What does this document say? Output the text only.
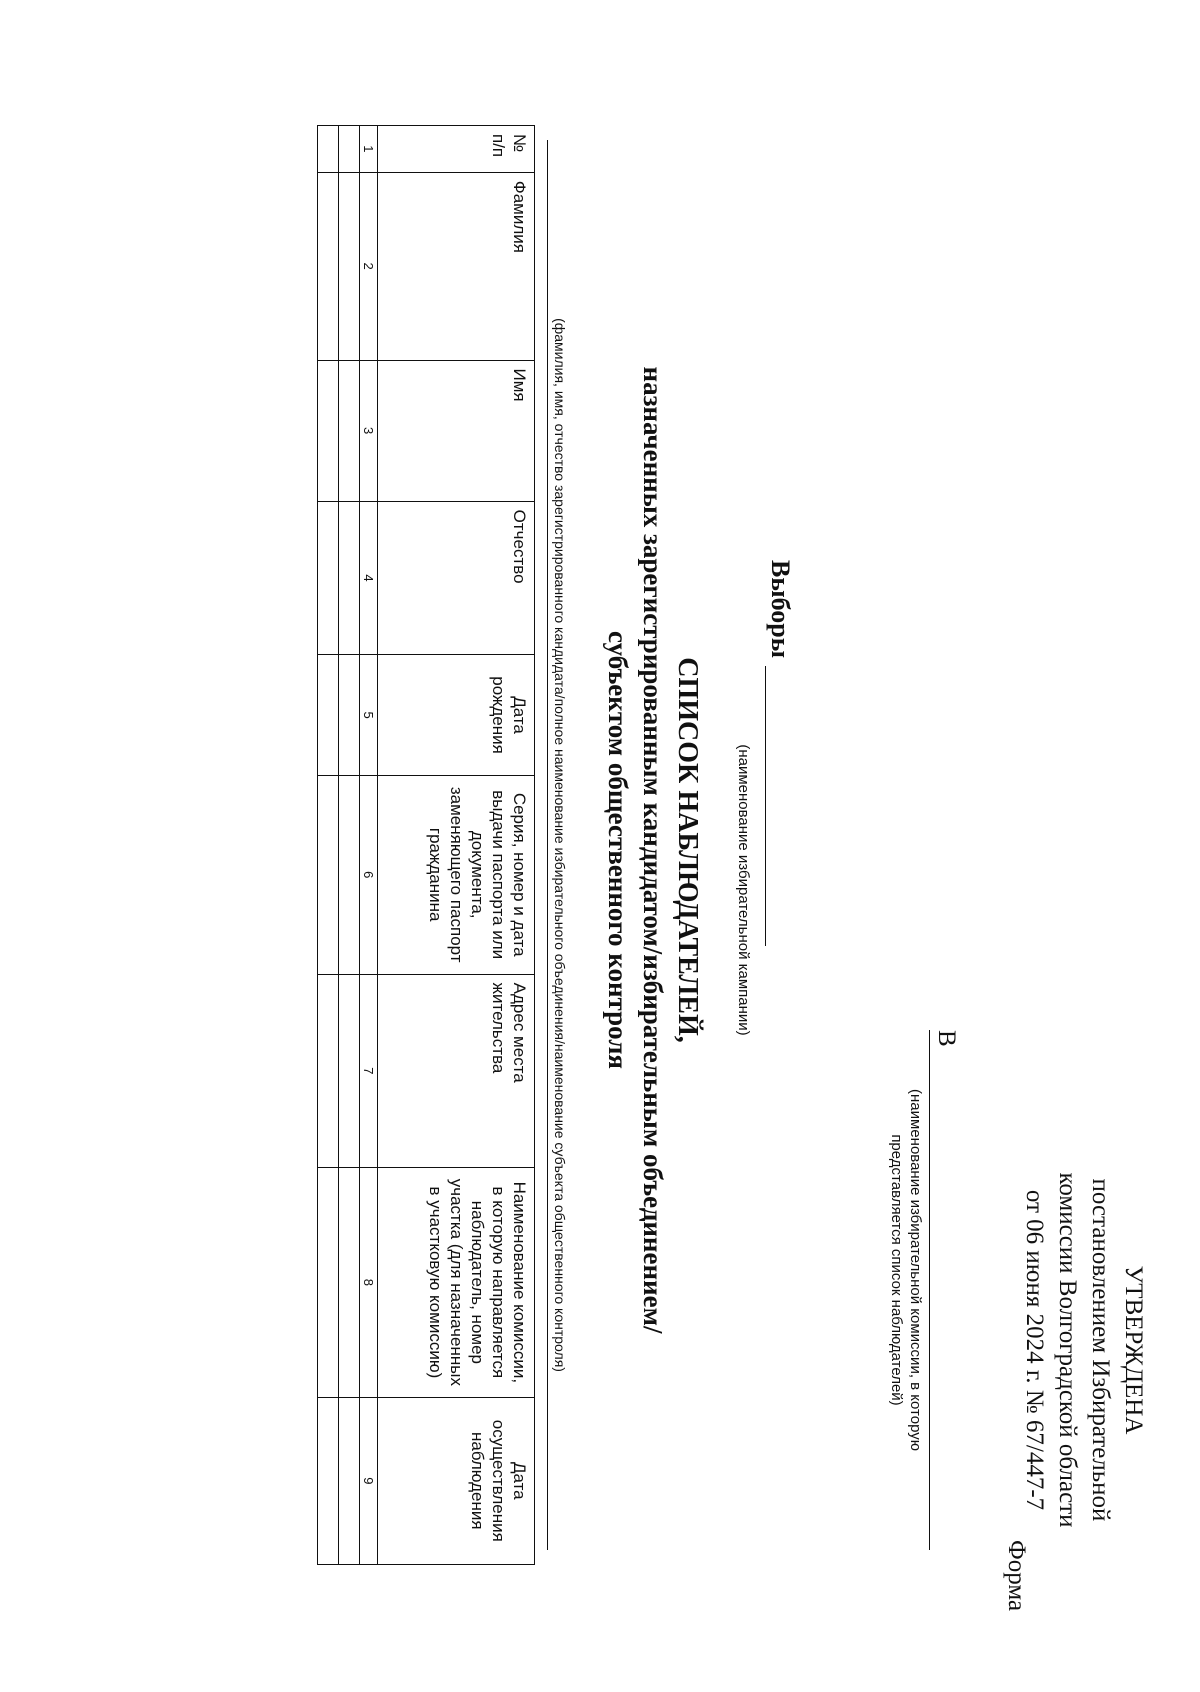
УТВЕРЖДЕНА
постановлением Избирательной
комиссии Волгоградской области
от 06 июня 2024 г. № 67/447-7
Форма
В
(наименование избирательной комиссии, в которую
представляется список наблюдателей)
Выборы
(наименование избирательной кампании)
СПИСОК НАБЛЮДАТЕЛЕЙ,
назначенных зарегистрированным кандидатом/избирательным объединением/
субъектом общественного контроля
(фамилия, имя, отчество зарегистрированного кандидата/полное наименование избирательного объединения/наименование субъекта общественного контроля)
№ п/п	Фамилия	Имя	Отчество	Дата рождения	Серия, номер и дата выдачи паспорта или документа, заменяющего паспорт гражданина	Адрес места жительства	Наименование комиссии, в которую направляется наблюдатель, номер участка (для назначенных в участковую комиссию)	Дата осуществления наблюдения
1	2	3	4	5	6	7	8	9
